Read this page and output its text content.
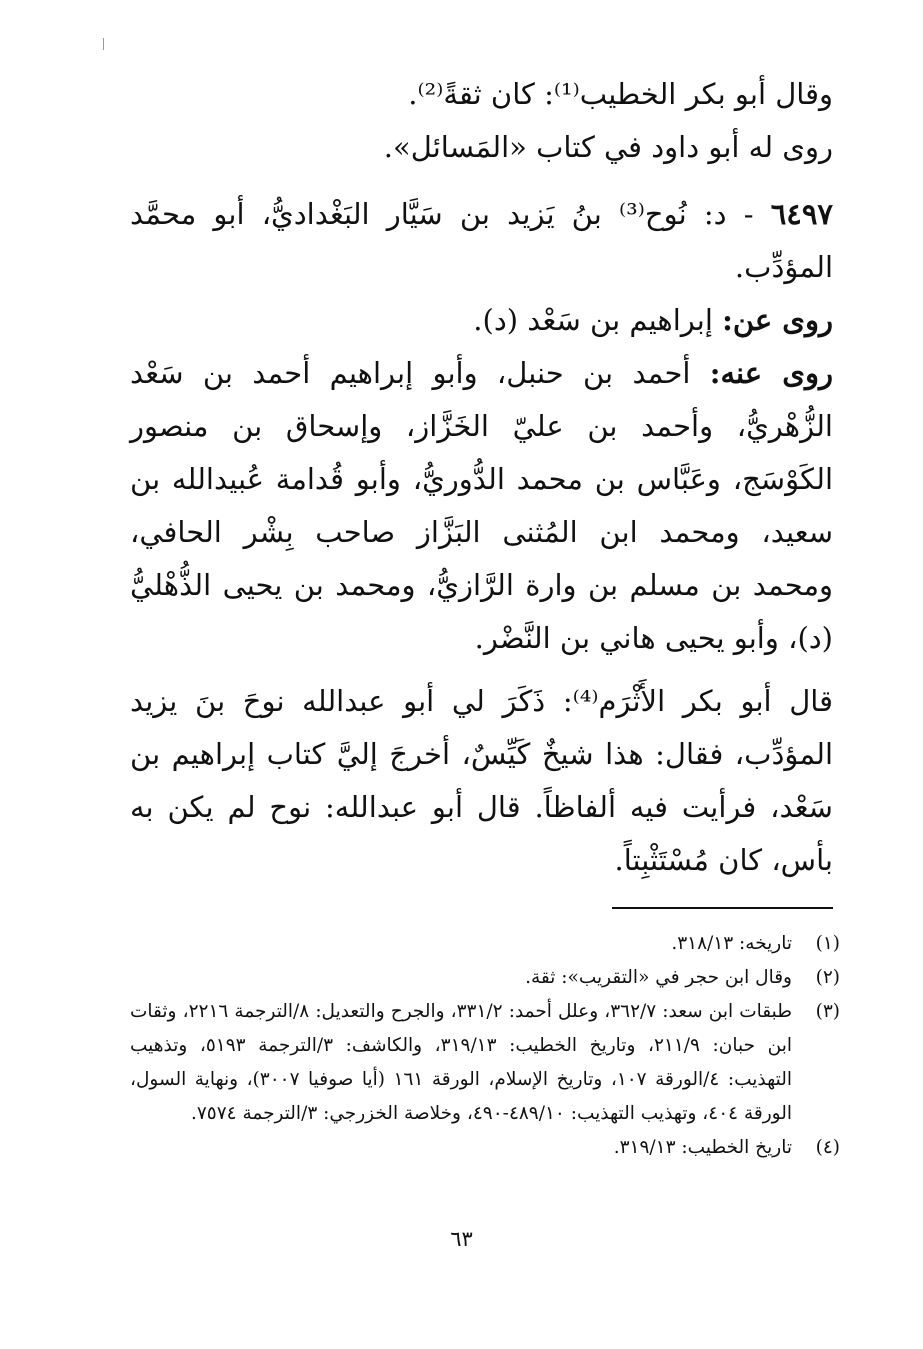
وقال أبو بكر الخطيب⁽¹⁾: كان ثقةً⁽²⁾.

روى له أبو داود في كتاب «المَسائل».

٦٤٩٧ - د: نُوح⁽³⁾ بنُ يَزيد بن سَيَّار البَغْداديُّ، أبو محمَّد المؤدِّب.

روى عن: إبراهيم بن سَعْد (د).

روى عنه: أحمد بن حنبل، وأبو إبراهيم أحمد بن سَعْد الزُّهْريُّ، وأحمد بن عليّ الخَزَّاز، وإسحاق بن منصور الكَوْسَج، وعَبَّاس بن محمد الدُّوريُّ، وأبو قُدامة عُبيدالله بن سعيد، ومحمد ابن المُثنى البَزَّاز صاحب بِشْر الحافي، ومحمد بن مسلم بن وارة الرَّازيُّ، ومحمد بن يحيى الذُّهْليُّ (د)، وأبو يحيى هاني بن النَّضْر.

قال أبو بكر الأَثْرَم⁽⁴⁾: ذَكَرَ لي أبو عبدالله نوحَ بنَ يزيد المؤدِّب، فقال: هذا شيخٌ كَيِّسٌ، أخرجَ إليَّ كتاب إبراهيم بن سَعْد، فرأيت فيه ألفاظاً. قال أبو عبدالله: نوح لم يكن به بأس، كان مُسْتَثْبِتاً.

(١)
تاريخه: ٣١٨/١٣.
(٢)
وقال ابن حجر في «التقريب»: ثقة.
(٣)
طبقات ابن سعد: ٣٦٢/٧، وعلل أحمد: ٣٣١/٢، والجرح والتعديل: ٨/الترجمة ٢٢١٦، وثقات ابن حبان: ٢١١/٩، وتاريخ الخطيب: ٣١٩/١٣، والكاشف: ٣/الترجمة ٥١٩٣، وتذهيب التهذيب: ٤/الورقة ١٠٧، وتاريخ الإسلام، الورقة ١٦١ (أيا صوفيا ٣٠٠٧)، ونهاية السول، الورقة ٤٠٤، وتهذيب التهذيب: ٤٨٩/١٠-٤٩٠، وخلاصة الخزرجي: ٣/الترجمة ٧٥٧٤.
(٤)
تاريخ الخطيب: ٣١٩/١٣.
٦٣
